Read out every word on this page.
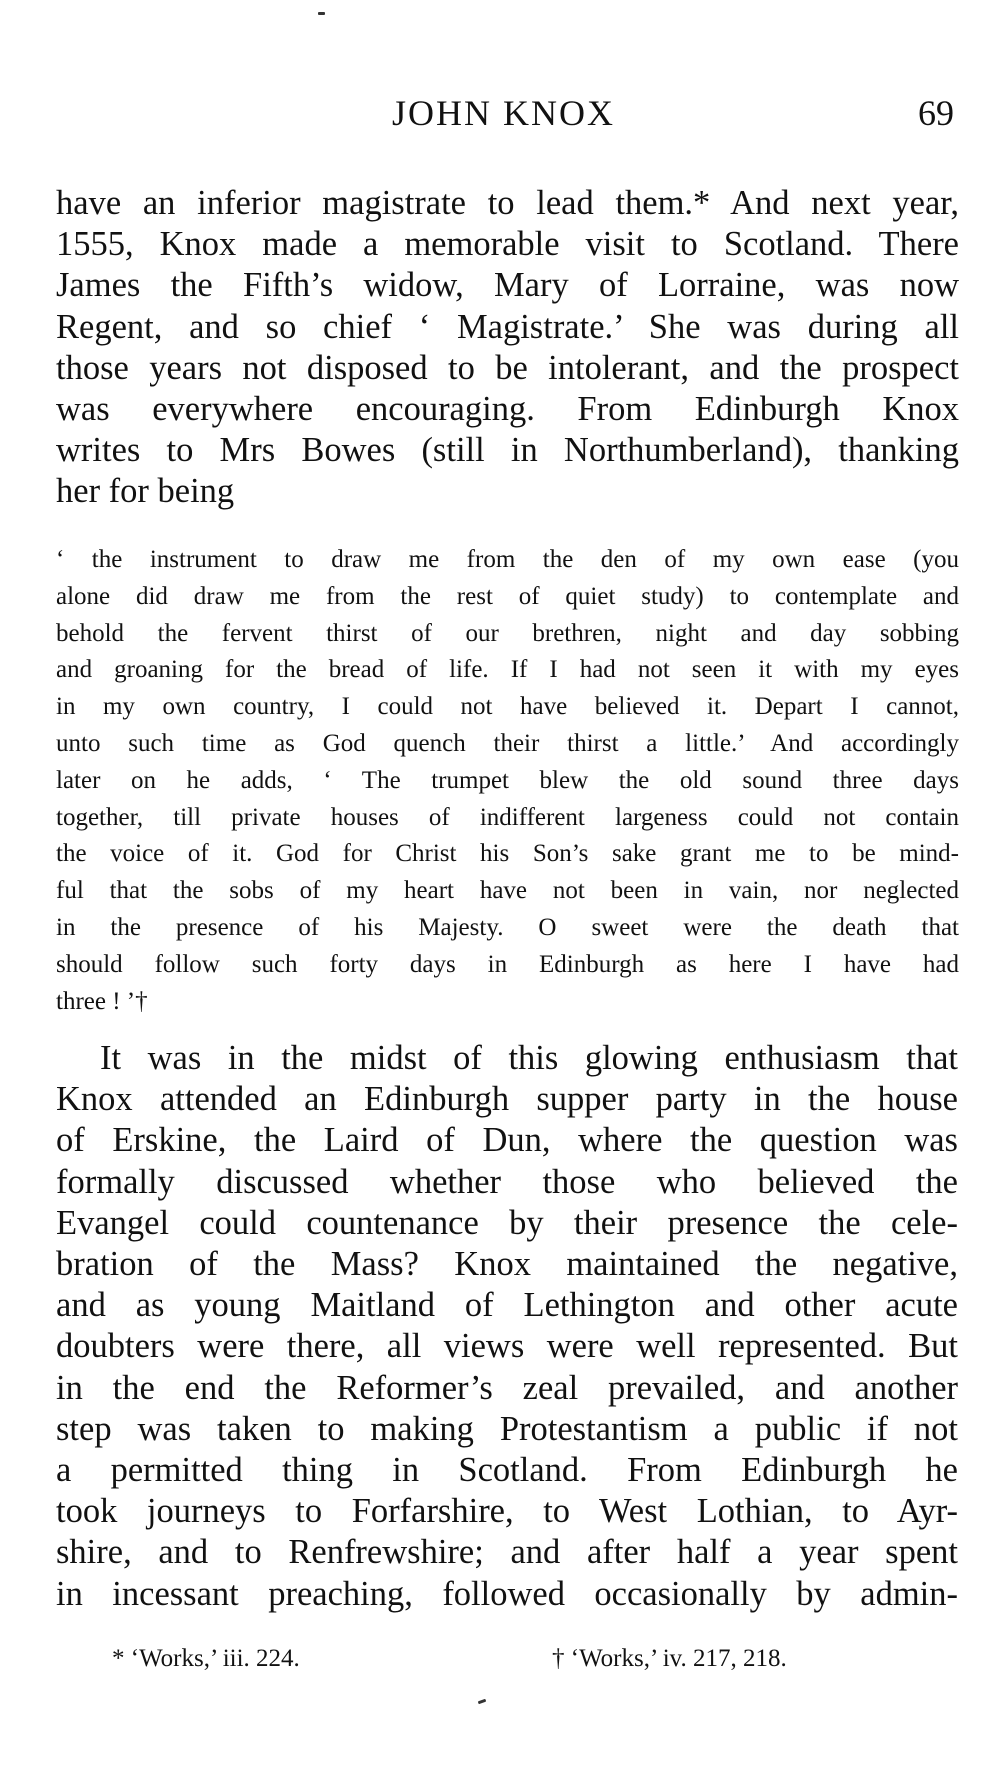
JOHN KNOX	69
have an inferior magistrate to lead them.* And next year,
1555, Knox made a memorable visit to Scotland. There
James the Fifth’s widow, Mary of Lorraine, was now
Regent, and so chief ‘ Magistrate.’ She was during all
those years not disposed to be intolerant, and the prospect
was everywhere encouraging. From Edinburgh Knox
writes to Mrs Bowes (still in Northumberland), thanking
her for being
‘ the instrument to draw me from the den of my own ease (you
alone did draw me from the rest of quiet study) to contemplate and
behold the fervent thirst of our brethren, night and day sobbing
and groaning for the bread of life. If I had not seen it with my eyes
in my own country, I could not have believed it. Depart I cannot,
unto such time as God quench their thirst a little.’ And accordingly
later on he adds, ‘ The trumpet blew the old sound three days
together, till private houses of indifferent largeness could not contain
the voice of it. God for Christ his Son’s sake grant me to be mind-
ful that the sobs of my heart have not been in vain, nor neglected
in the presence of his Majesty. O sweet were the death that
should follow such forty days in Edinburgh as here I have had
three ! ’†
It was in the midst of this glowing enthusiasm that
Knox attended an Edinburgh supper party in the house
of Erskine, the Laird of Dun, where the question was
formally discussed whether those who believed the
Evangel could countenance by their presence the cele-
bration of the Mass? Knox maintained the negative,
and as young Maitland of Lethington and other acute
doubters were there, all views were well represented. But
in the end the Reformer’s zeal prevailed, and another
step was taken to making Protestantism a public if not
a permitted thing in Scotland. From Edinburgh he
took journeys to Forfarshire, to West Lothian, to Ayr-
shire, and to Renfrewshire; and after half a year spent
in incessant preaching, followed occasionally by admin-
* ‘Works,’ iii. 224.	† ‘Works,’ iv. 217, 218.
